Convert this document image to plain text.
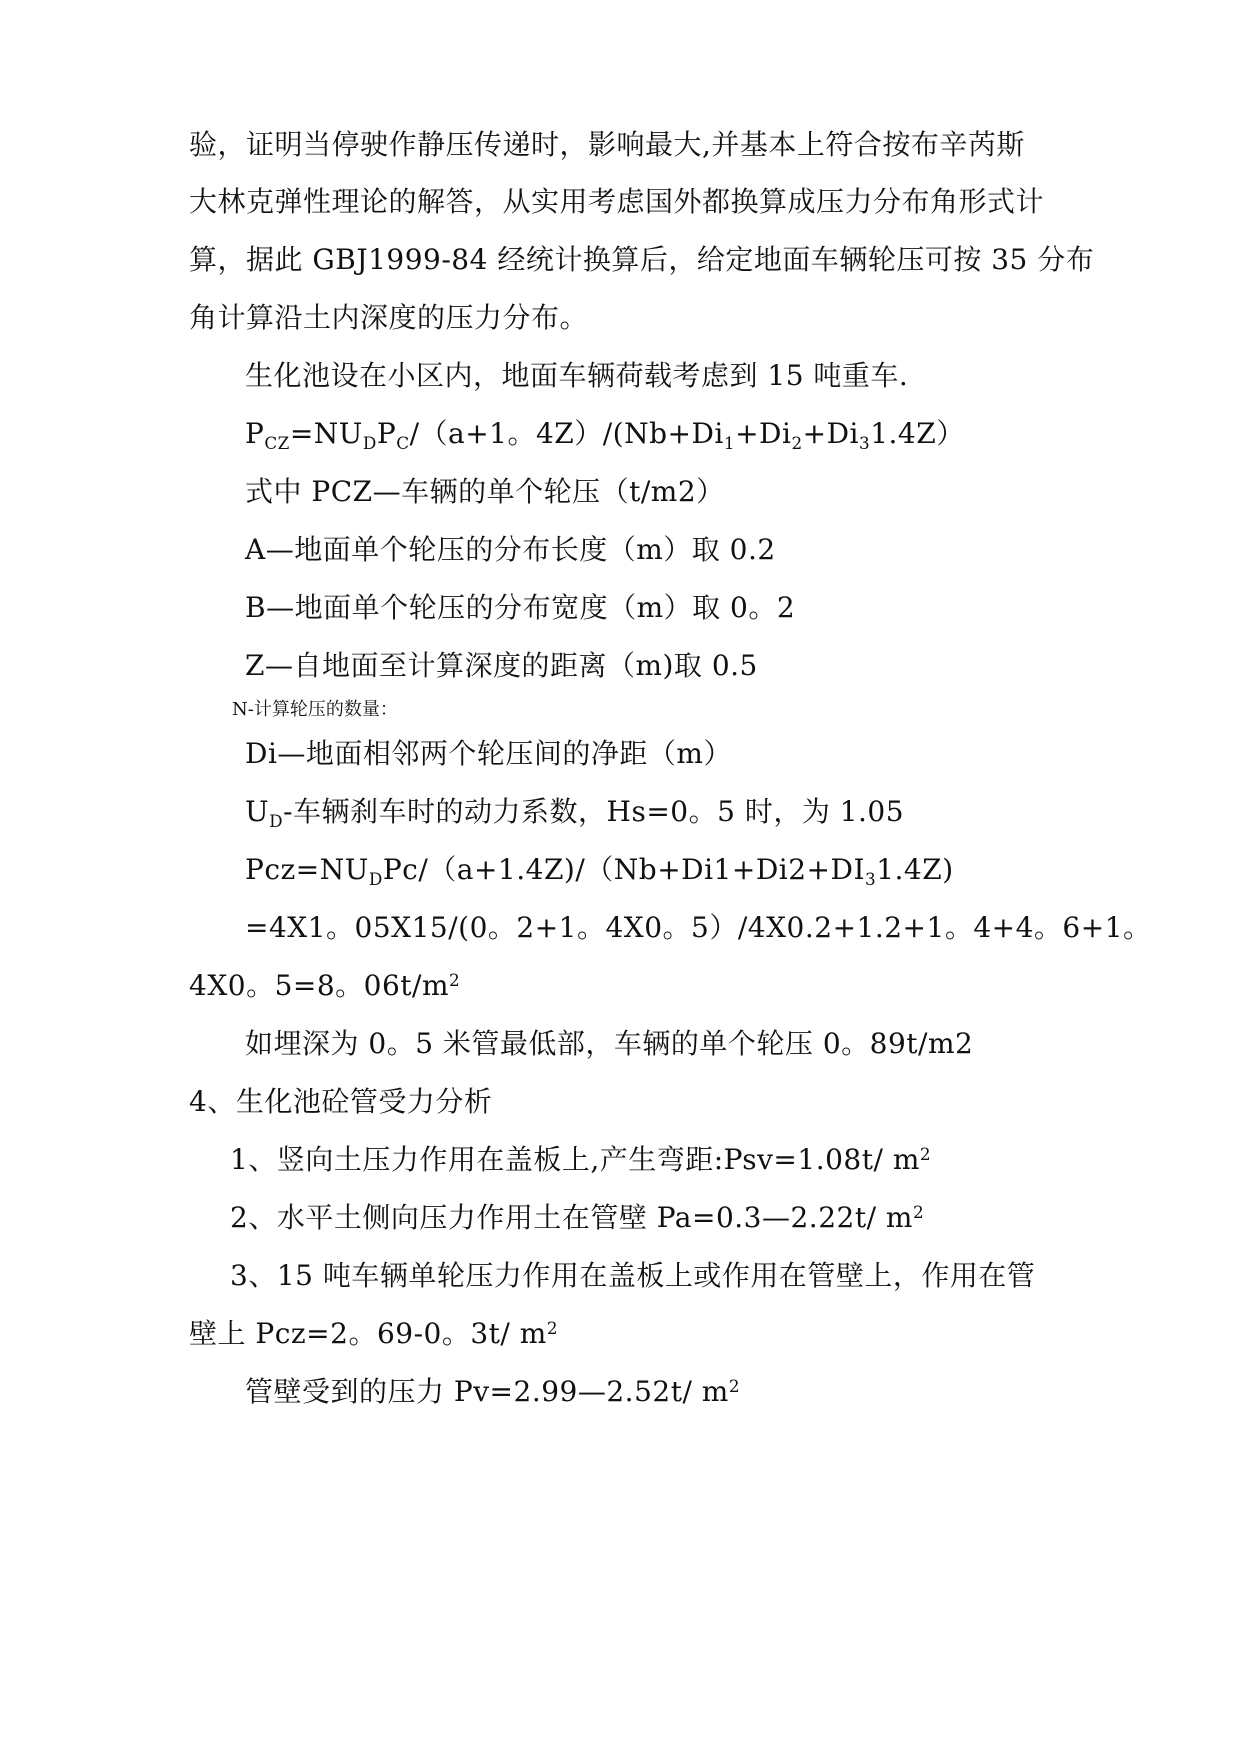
验，证明当停驶作静压传递时，影响最大,并基本上符合按布辛芮斯
大林克弹性理论的解答，从实用考虑国外都换算成压力分布角形式计
算，据此 GBJ1999-84 经统计换算后，给定地面车辆轮压可按 35 分布
角计算沿土内深度的压力分布。
生化池设在小区内，地面车辆荷载考虑到 15 吨重车.
$P_{CZ}=NU_DP_C/(a+1$。$4Z)/(Nb+Di_1+Di_2+Di_31.4Z)$
式中 PCZ—车辆的单个轮压（t/m2）
A—地面单个轮压的分布长度（m）取 0.2
B—地面单个轮压的分布宽度（m）取 0。2
Z—自地面至计算深度的距离（m)取 0.5
N-计算轮压的数量：
Di—地面相邻两个轮压间的净距（m）
$U_D-$车辆刹车时的动力系数，Hs=0。5 时，为 1.05
$Pcz=NU_DPc/(a+1.4Z)/(Nb+Di1+Di2+DI_31.4Z)$
=4X1。05X15/(0。2+1。4X0。5）/4X0.2+1.2+1。4+4。6+1。
4X0。5=8。$06t/m^2$
如埋深为 0。5 米管最低部，车辆的单个轮压 0。89t/m2
4、生化池砼管受力分析
1、竖向土压力作用在盖板上,产生弯距:Psv=1.08t/ $m^2$
2、水平土侧向压力作用土在管壁 Pa=0.3—2.22t/ $m^2$
3、15 吨车辆单轮压力作用在盖板上或作用在管壁上，作用在管
壁上 Pcz=2。69-0。3t/ $m^2$
管壁受到的压力 Pv=2.99—2.52t/ $m^2$
